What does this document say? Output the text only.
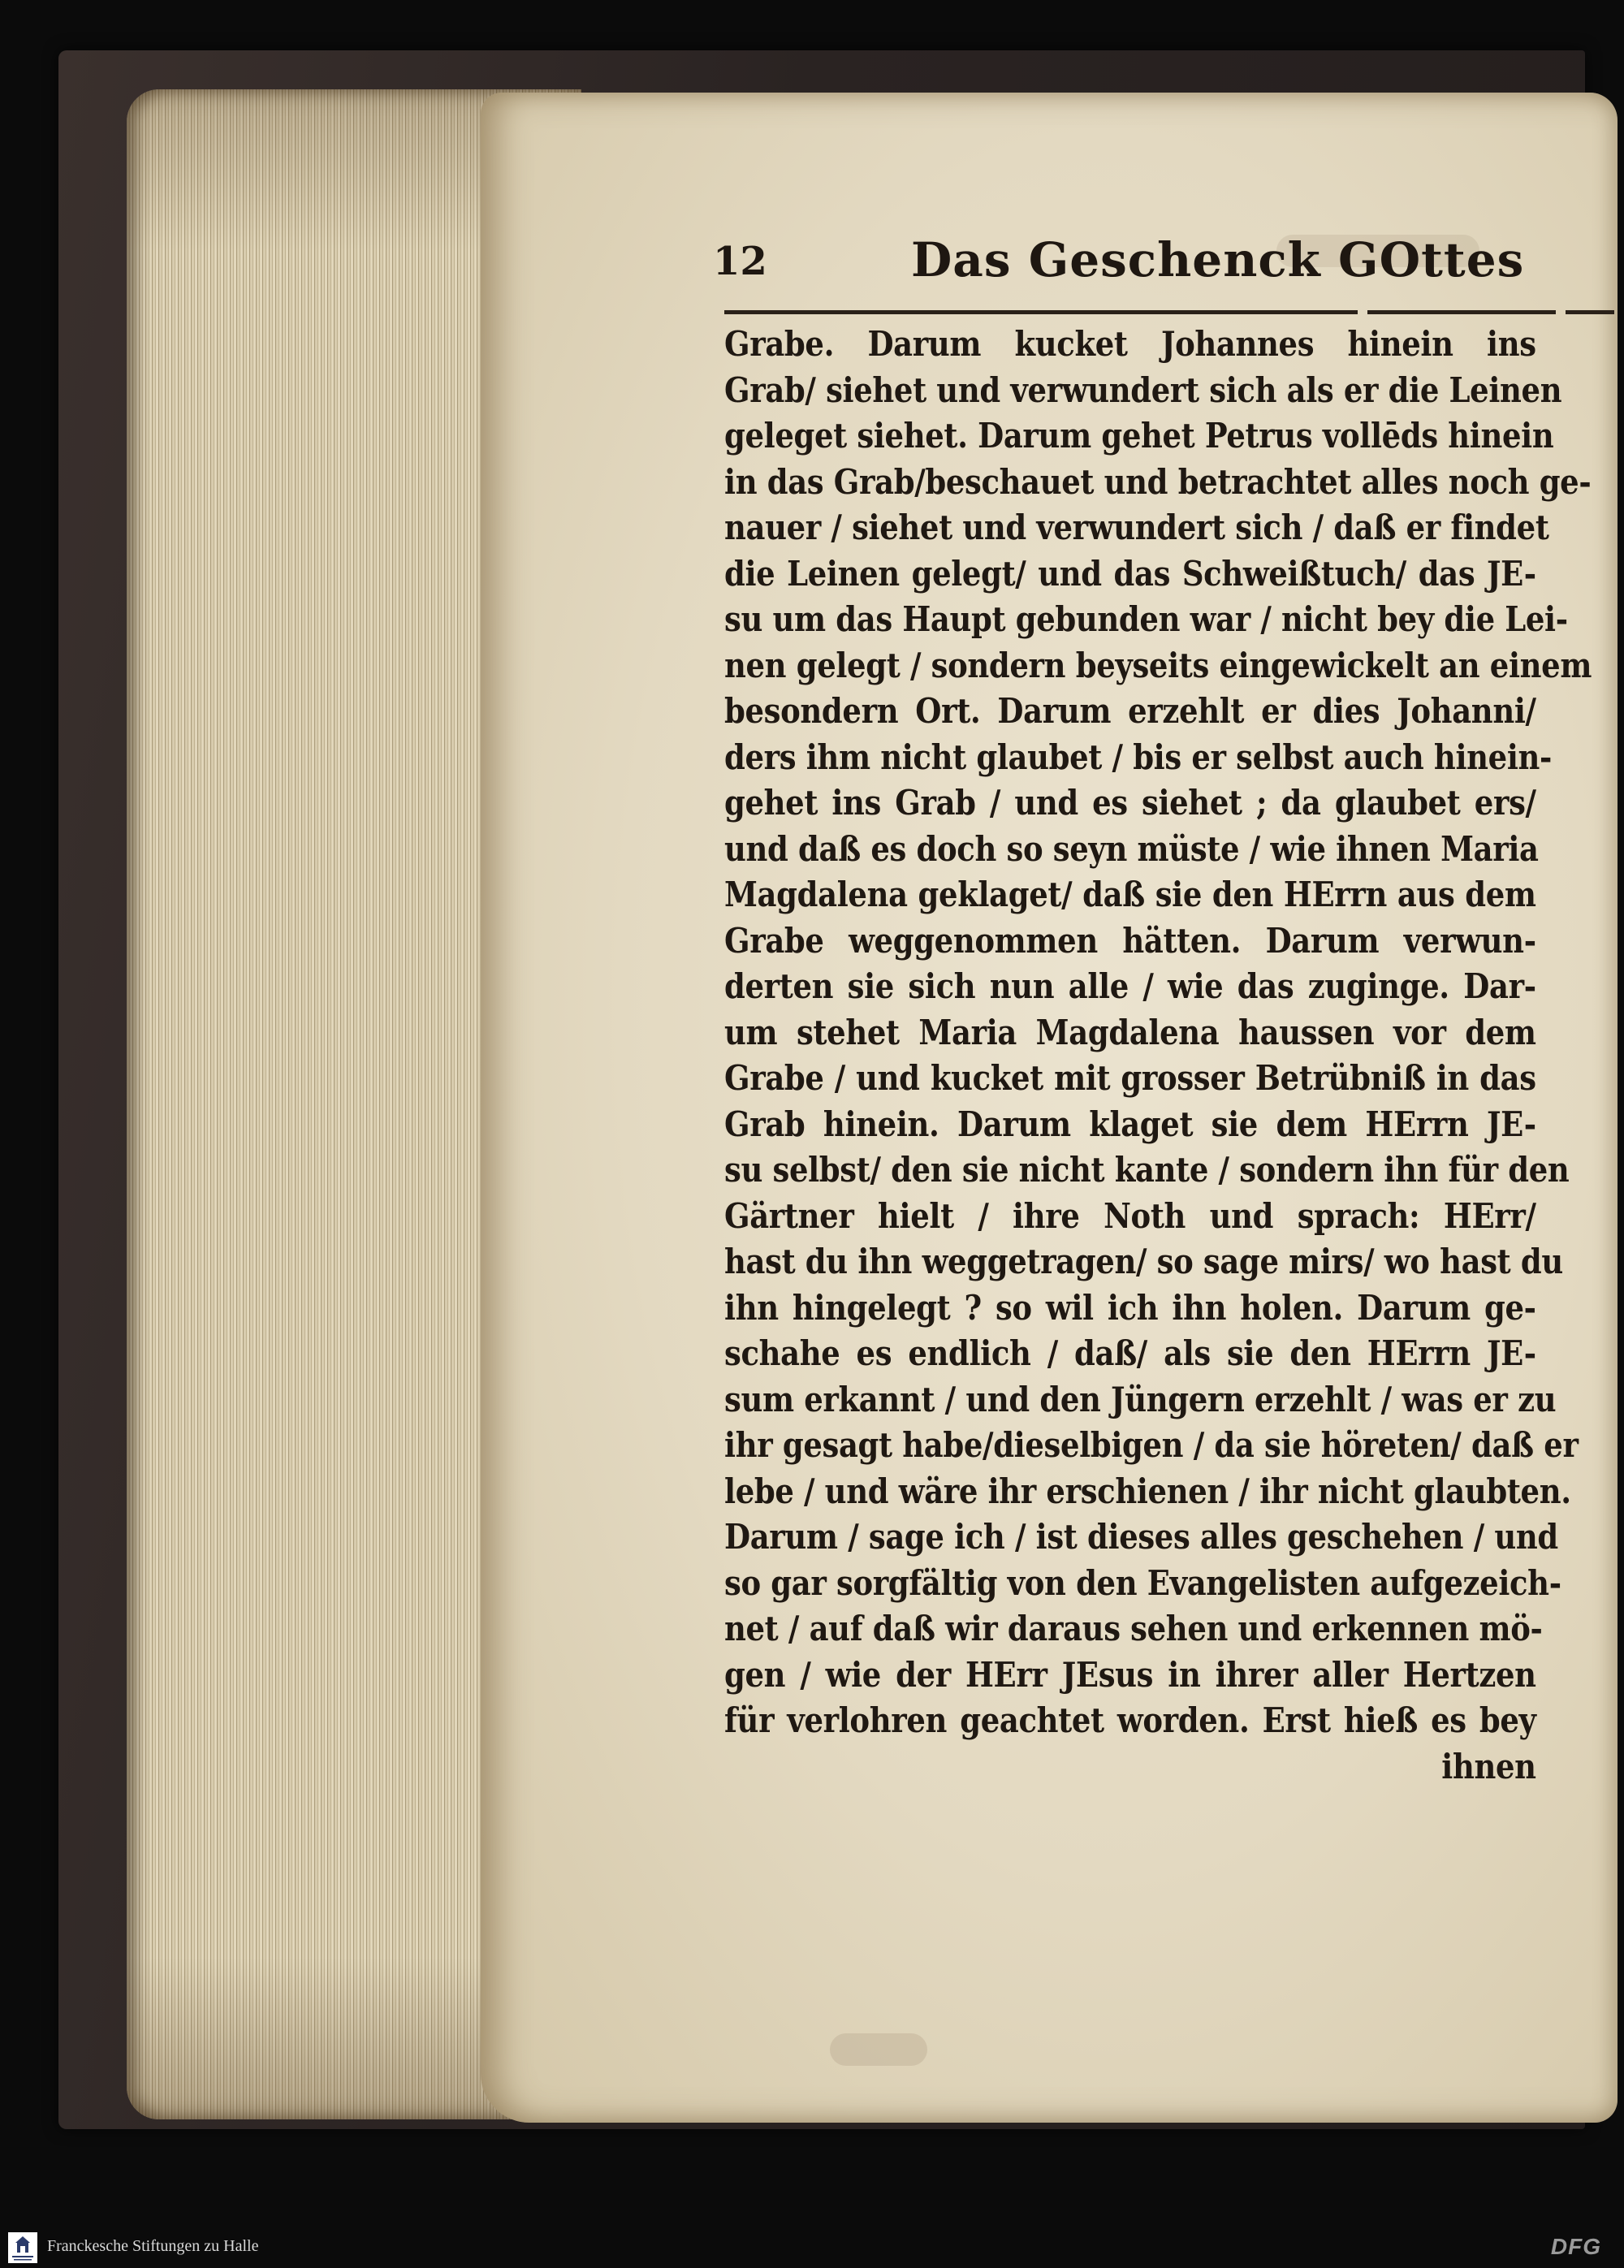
12	Das Geschenck GOttes
Grabe. Darum kucket Johannes hinein ins
Grab/ siehet und verwundert sich als er die Leinen
geleget siehet. Darum gehet Petrus vollēds hinein
in das Grab/beschauet und betrachtet alles noch ge-
nauer / siehet und verwundert sich / daß er findet
die Leinen gelegt/ und das Schweißtuch/ das JE-
su um das Haupt gebunden war / nicht bey die Lei-
nen gelegt / sondern beyseits eingewickelt an einem
besondern Ort. Darum erzehlt er dies Johanni/
ders ihm nicht glaubet / bis er selbst auch hinein-
gehet ins Grab / und es siehet ; da glaubet ers/
und daß es doch so seyn müste / wie ihnen Maria
Magdalena geklaget/ daß sie den HErrn aus dem
Grabe weggenommen hätten. Darum verwun-
derten sie sich nun alle / wie das zuginge. Dar-
um stehet Maria Magdalena haussen vor dem
Grabe / und kucket mit grosser Betrübniß in das
Grab hinein. Darum klaget sie dem HErrn JE-
su selbst/ den sie nicht kante / sondern ihn für den
Gärtner hielt / ihre Noth und sprach: HErr/
hast du ihn weggetragen/ so sage mirs/ wo hast du
ihn hingelegt ? so wil ich ihn holen. Darum ge-
schahe es endlich / daß/ als sie den HErrn JE-
sum erkannt / und den Jüngern erzehlt / was er zu
ihr gesagt habe/dieselbigen / da sie höreten/ daß er
lebe / und wäre ihr erschienen / ihr nicht glaubten.
Darum / sage ich / ist dieses alles geschehen / und
so gar sorgfältig von den Evangelisten aufgezeich-
net / auf daß wir daraus sehen und erkennen mö-
gen / wie der HErr JEsus in ihrer aller Hertzen
für verlohren geachtet worden. Erst hieß es bey
ihnen
Franckesche Stiftungen zu Halle	DFG
